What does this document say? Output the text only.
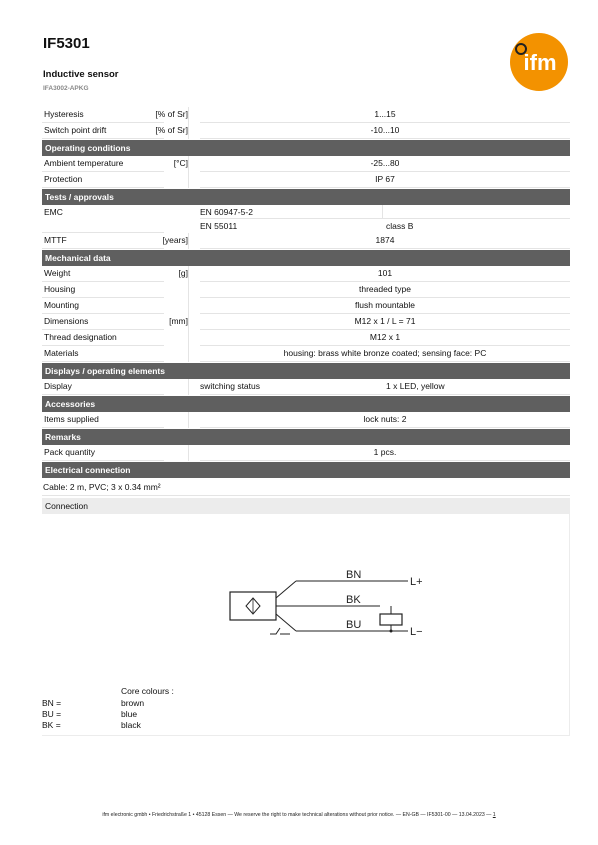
IF5301
Inductive sensor
IFA3002-APKG
ifm
Hysteresis	[% of Sr]	1...15
Switch point drift	[% of Sr]	-10...10
Operating conditions
Ambient temperature	[°C]	-25...80
Protection	IP 67
Tests / approvals
EMC	EN 60947-5-2
EN 55011	class B
MTTF	[years]	1874
Mechanical data
Weight	[g]	101
Housing	threaded type
Mounting	flush mountable
Dimensions	[mm]	M12 x 1 / L = 71
Thread designation	M12 x 1
Materials	housing: brass white bronze coated; sensing face: PC
Displays / operating elements
Display	switching status	1 x LED, yellow
Accessories
Items supplied	lock nuts: 2
Remarks
Pack quantity	1 pcs.
Electrical connection
Cable: 2 m, PVC; 3 x 0.34 mm²
Connection
BN
BK
BU
L+
L−
Core colours :
BN =	brown
BU =	blue
BK =	black
ifm electronic gmbh • Friedrichstraße 1 • 45128 Essen — We reserve the right to make technical alterations without prior notice. — EN-GB — IF5301-00 — 13.04.2023 — 1
